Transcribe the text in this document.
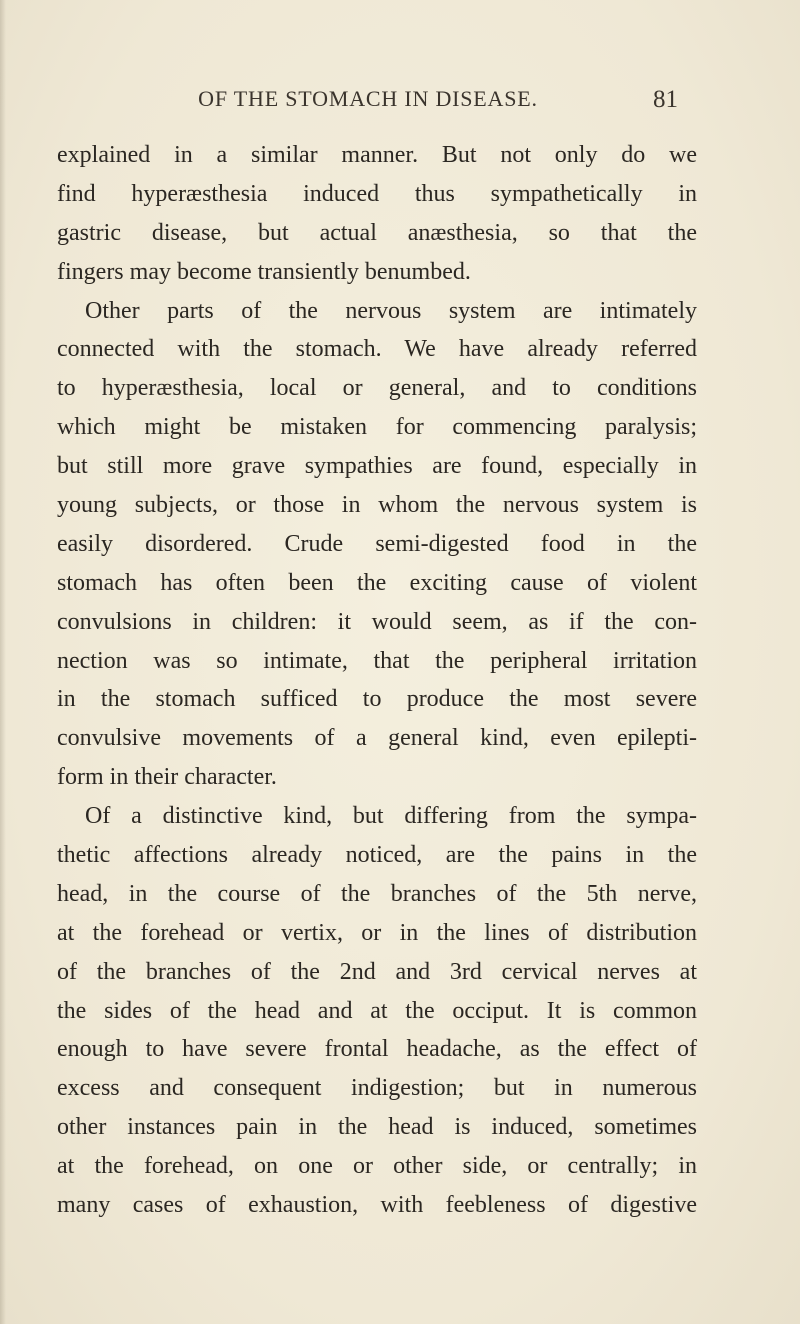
OF THE STOMACH IN DISEASE.	81
explained in a similar manner. But not only do we
find hyperæsthesia induced thus sympathetically in
gastric disease, but actual anæsthesia, so that the
fingers may become transiently benumbed.
Other parts of the nervous system are intimately
connected with the stomach. We have already referred
to hyperæsthesia, local or general, and to conditions
which might be mistaken for commencing paralysis;
but still more grave sympathies are found, especially in
young subjects, or those in whom the nervous system is
easily disordered. Crude semi-digested food in the
stomach has often been the exciting cause of violent
convulsions in children: it would seem, as if the con-
nection was so intimate, that the peripheral irritation
in the stomach sufficed to produce the most severe
convulsive movements of a general kind, even epilepti-
form in their character.
Of a distinctive kind, but differing from the sympa-
thetic affections already noticed, are the pains in the
head, in the course of the branches of the 5th nerve,
at the forehead or vertix, or in the lines of distribution
of the branches of the 2nd and 3rd cervical nerves at
the sides of the head and at the occiput. It is common
enough to have severe frontal headache, as the effect of
excess and consequent indigestion; but in numerous
other instances pain in the head is induced, sometimes
at the forehead, on one or other side, or centrally; in
many cases of exhaustion, with feebleness of digestive
